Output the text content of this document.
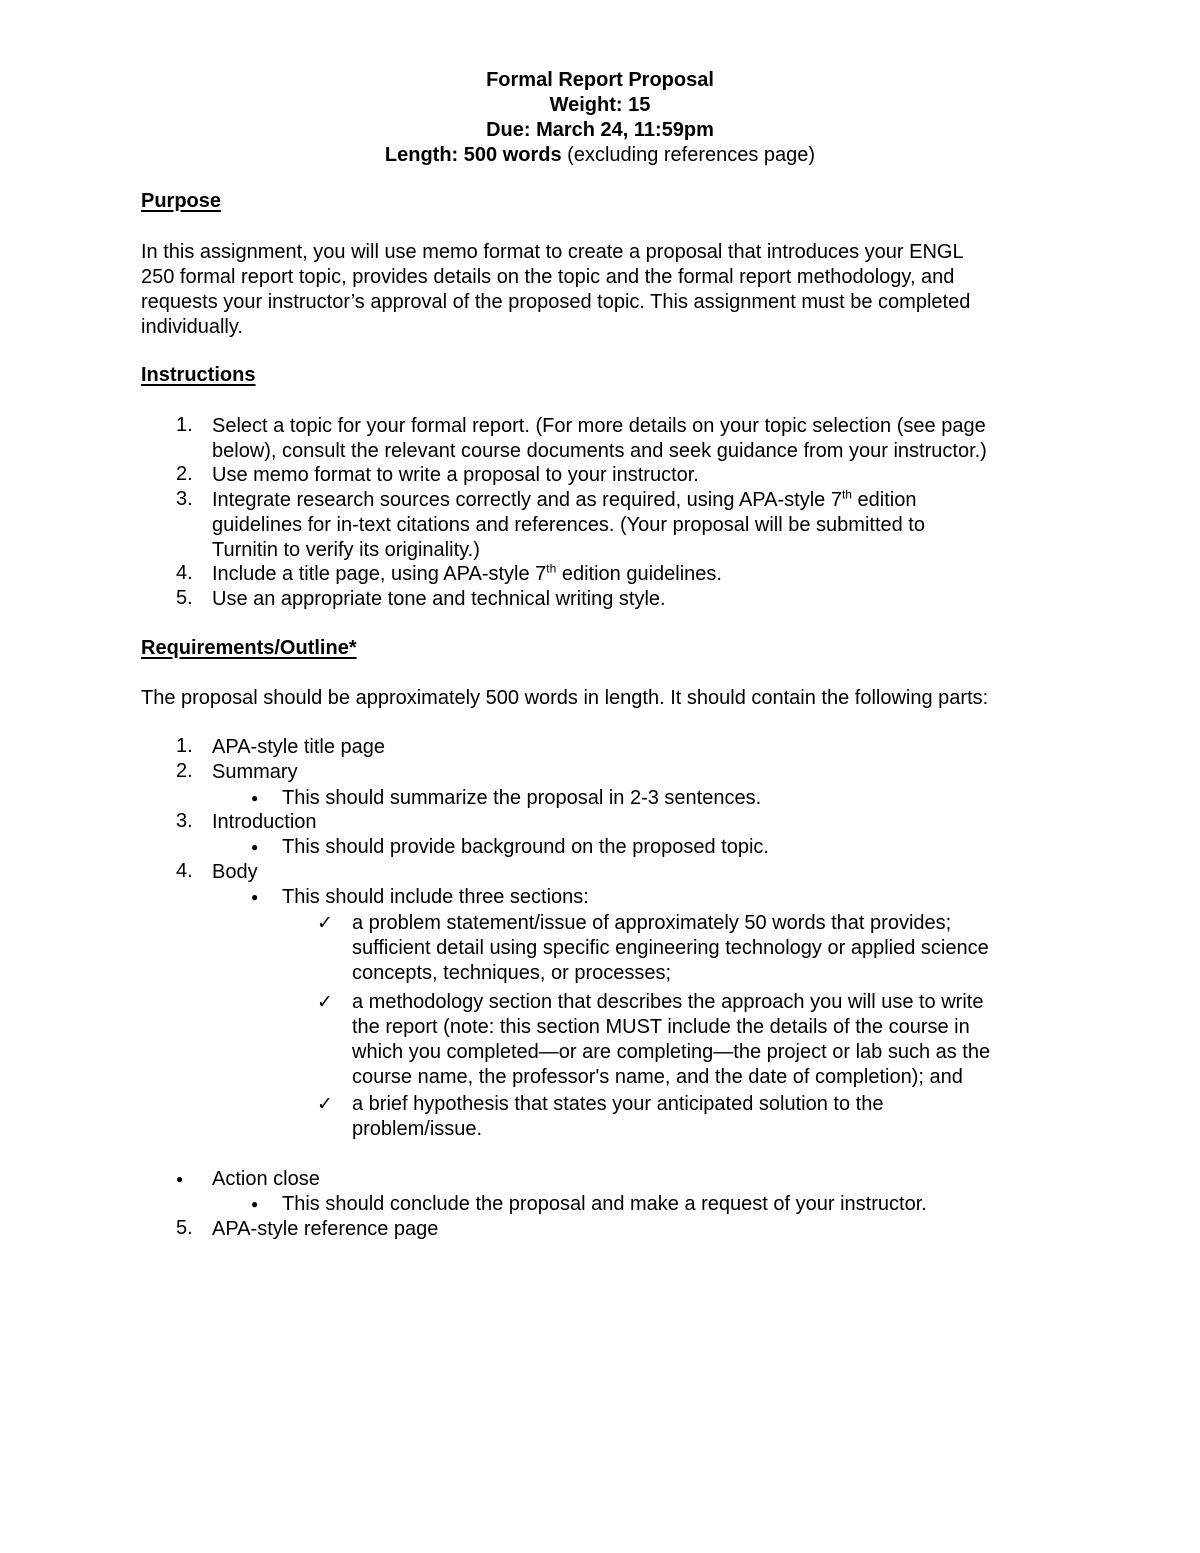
Formal Report Proposal
Weight: 15
Due: March 24, 11:59pm
Length: 500 words (excluding references page)
Purpose
In this assignment, you will use memo format to create a proposal that introduces your ENGL
250 formal report topic, provides details on the topic and the formal report methodology, and
requests your instructor’s approval of the proposed topic. This assignment must be completed
individually.
Instructions
1. Select a topic for your formal report. (For more details on your topic selection (see page
below), consult the relevant course documents and seek guidance from your instructor.)
2. Use memo format to write a proposal to your instructor.
3. Integrate research sources correctly and as required, using APA-style 7th edition
guidelines for in-text citations and references. (Your proposal will be submitted to
Turnitin to verify its originality.)
4. Include a title page, using APA-style 7th edition guidelines.
5. Use an appropriate tone and technical writing style.
Requirements/Outline*
The proposal should be approximately 500 words in length. It should contain the following parts:
1. APA-style title page
2. Summary
● This should summarize the proposal in 2-3 sentences.
3. Introduction
● This should provide background on the proposed topic.
4. Body
● This should include three sections:
✓ a problem statement/issue of approximately 50 words that provides;
sufficient detail using specific engineering technology or applied science
concepts, techniques, or processes;
✓ a methodology section that describes the approach you will use to write
the report (note: this section MUST include the details of the course in
which you completed—or are completing—the project or lab such as the
course name, the professor's name, and the date of completion); and
✓ a brief hypothesis that states your anticipated solution to the
problem/issue.
● Action close
● This should conclude the proposal and make a request of your instructor.
5. APA-style reference page
